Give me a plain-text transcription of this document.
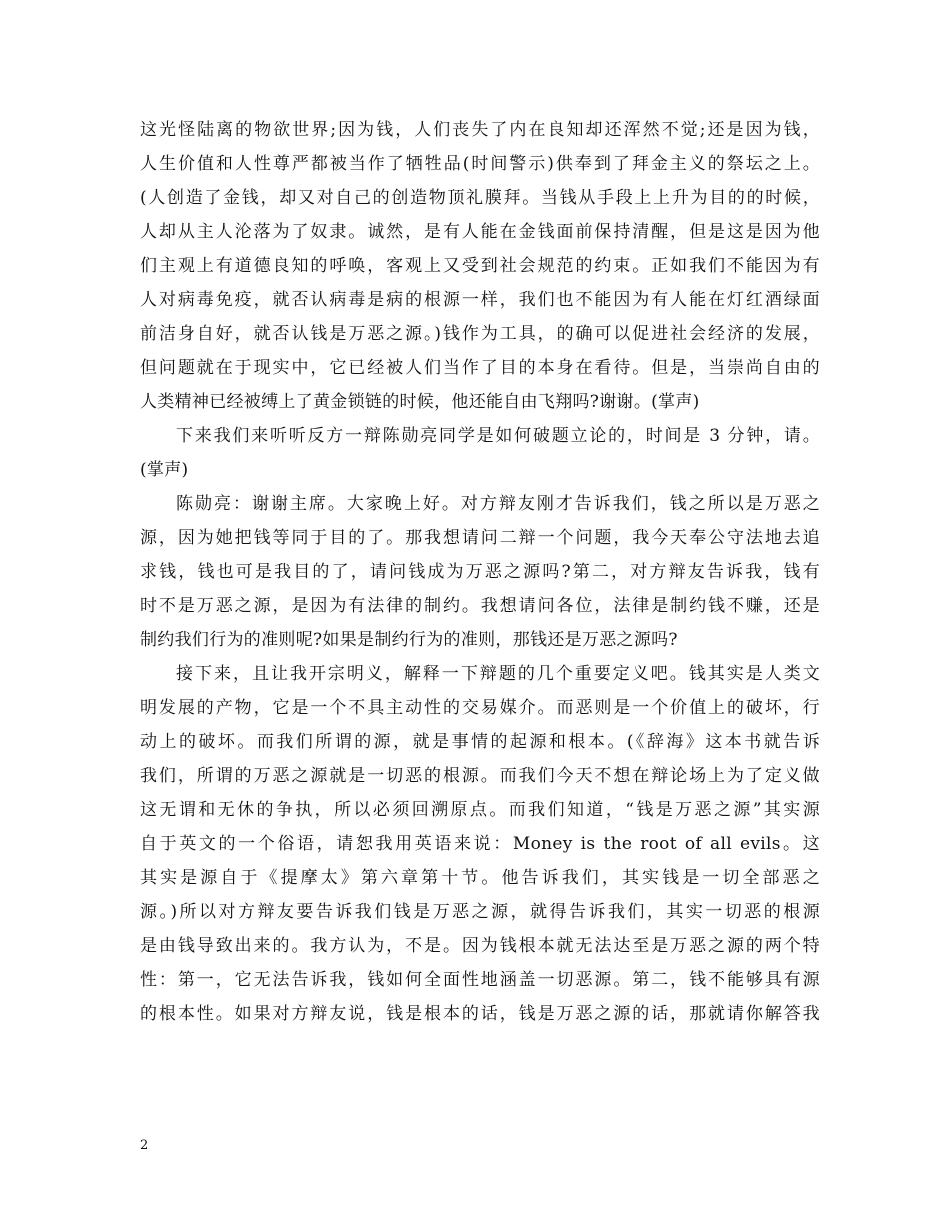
这光怪陆离的物欲世界;因为钱，人们丧失了内在良知却还浑然不觉;还是因为钱，
人生价值和人性尊严都被当作了牺牲品(时间警示)供奉到了拜金主义的祭坛之上。
(人创造了金钱，却又对自己的创造物顶礼膜拜。当钱从手段上上升为目的的时候，
人却从主人沦落为了奴隶。诚然，是有人能在金钱面前保持清醒，但是这是因为他
们主观上有道德良知的呼唤，客观上又受到社会规范的约束。正如我们不能因为有
人对病毒免疫，就否认病毒是病的根源一样，我们也不能因为有人能在灯红酒绿面
前洁身自好，就否认钱是万恶之源。)钱作为工具，的确可以促进社会经济的发展，
但问题就在于现实中，它已经被人们当作了目的本身在看待。但是，当崇尚自由的
人类精神已经被缚上了黄金锁链的时候，他还能自由飞翔吗?谢谢。(掌声)
下来我们来听听反方一辩陈勋亮同学是如何破题立论的，时间是 3 分钟，请。
(掌声)
陈勋亮：谢谢主席。大家晚上好。对方辩友刚才告诉我们，钱之所以是万恶之
源，因为她把钱等同于目的了。那我想请问二辩一个问题，我今天奉公守法地去追
求钱，钱也可是我目的了，请问钱成为万恶之源吗?第二，对方辩友告诉我，钱有
时不是万恶之源，是因为有法律的制约。我想请问各位，法律是制约钱不赚，还是
制约我们行为的准则呢?如果是制约行为的准则，那钱还是万恶之源吗?
接下来，且让我开宗明义，解释一下辩题的几个重要定义吧。钱其实是人类文
明发展的产物，它是一个不具主动性的交易媒介。而恶则是一个价值上的破坏，行
动上的破坏。而我们所谓的源，就是事情的起源和根本。(《辞海》这本书就告诉
我们，所谓的万恶之源就是一切恶的根源。而我们今天不想在辩论场上为了定义做
这无谓和无休的争执，所以必须回溯原点。而我们知道，“钱是万恶之源”其实源
自于英文的一个俗语，请恕我用英语来说：Money is the root of all evils。这
其实是源自于《提摩太》第六章第十节。他告诉我们，其实钱是一切全部恶之
源。)所以对方辩友要告诉我们钱是万恶之源，就得告诉我们，其实一切恶的根源
是由钱导致出来的。我方认为，不是。因为钱根本就无法达至是万恶之源的两个特
性：第一，它无法告诉我，钱如何全面性地涵盖一切恶源。第二，钱不能够具有源
的根本性。如果对方辩友说，钱是根本的话，钱是万恶之源的话，那就请你解答我
2
